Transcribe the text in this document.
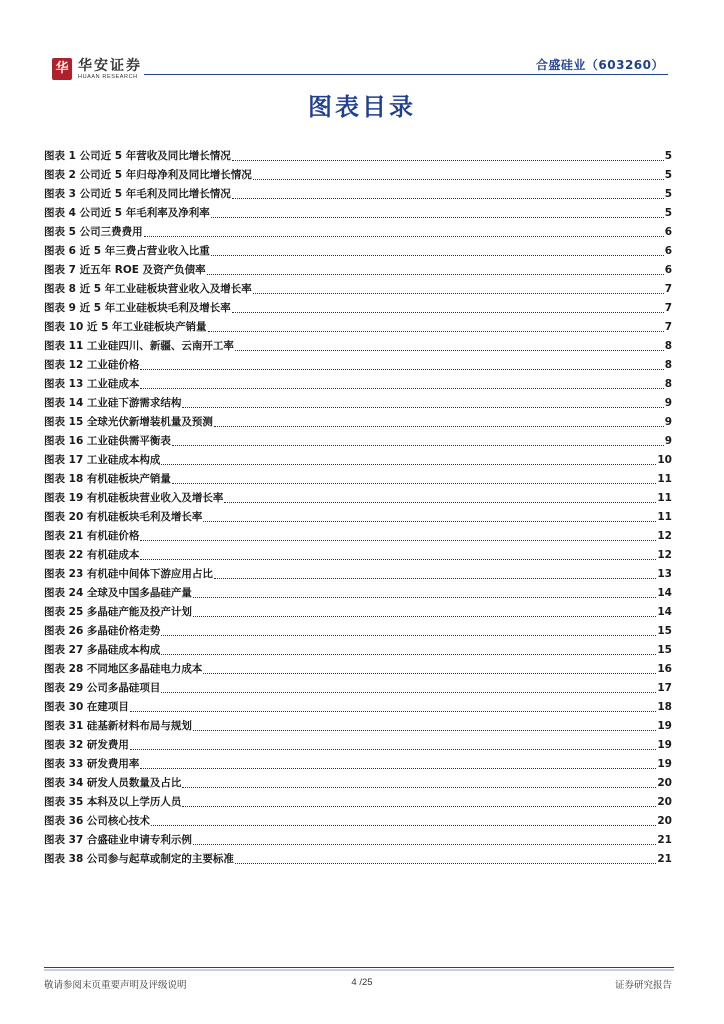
华 华安证券
HUAAN RESEARCH
合盛硅业（603260）
图表目录
图表 1 公司近 5 年营收及同比增长情况	5
图表 2 公司近 5 年归母净利及同比增长情况	5
图表 3 公司近 5 年毛利及同比增长情况	5
图表 4 公司近 5 年毛利率及净利率	5
图表 5 公司三费费用	6
图表 6 近 5 年三费占营业收入比重	6
图表 7 近五年 ROE 及资产负债率	6
图表 8 近 5 年工业硅板块营业收入及增长率	7
图表 9 近 5 年工业硅板块毛利及增长率	7
图表 10 近 5 年工业硅板块产销量	7
图表 11 工业硅四川、新疆、云南开工率	8
图表 12 工业硅价格	8
图表 13 工业硅成本	8
图表 14 工业硅下游需求结构	9
图表 15 全球光伏新增装机量及预测	9
图表 16 工业硅供需平衡表	9
图表 17 工业硅成本构成	10
图表 18 有机硅板块产销量	11
图表 19 有机硅板块营业收入及增长率	11
图表 20 有机硅板块毛利及增长率	11
图表 21 有机硅价格	12
图表 22 有机硅成本	12
图表 23 有机硅中间体下游应用占比	13
图表 24 全球及中国多晶硅产量	14
图表 25 多晶硅产能及投产计划	14
图表 26 多晶硅价格走势	15
图表 27 多晶硅成本构成	15
图表 28 不同地区多晶硅电力成本	16
图表 29 公司多晶硅项目	17
图表 30 在建项目	18
图表 31 硅基新材料布局与规划	19
图表 32 研发费用	19
图表 33 研发费用率	19
图表 34 研发人员数量及占比	20
图表 35 本科及以上学历人员	20
图表 36 公司核心技术	20
图表 37 合盛硅业申请专利示例	21
图表 38 公司参与起草或制定的主要标准	21
敬请参阅末页重要声明及评级说明	4 /25	证券研究报告
